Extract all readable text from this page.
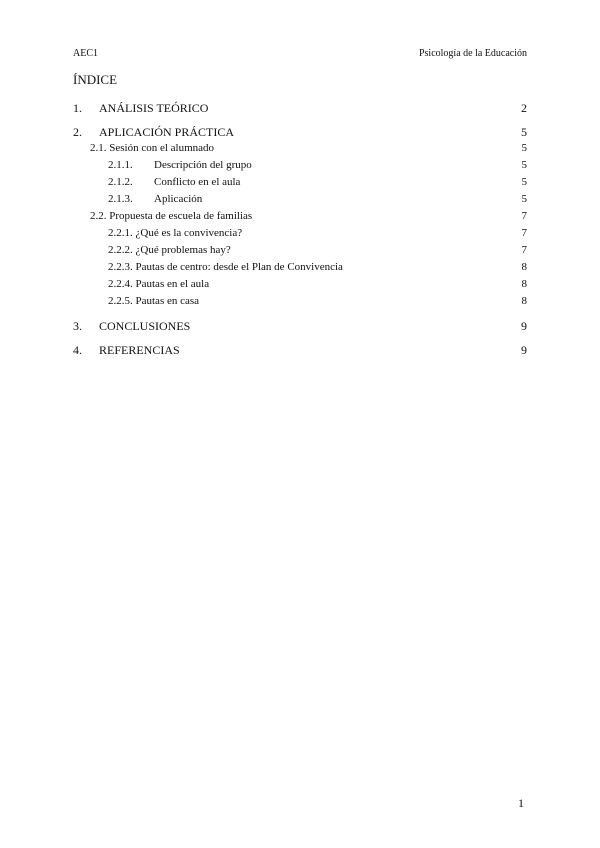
AEC1	Psicología de la Educación
ÍNDICE
1. ANÁLISIS TEÓRICO	2
2. APLICACIÓN PRÁCTICA	5
2.1. Sesión con el alumnado	5
2.1.1. Descripción del grupo	5
2.1.2. Conflicto en el aula	5
2.1.3. Aplicación	5
2.2. Propuesta de escuela de familias	7
2.2.1. ¿Qué es la convivencia?	7
2.2.2. ¿Qué problemas hay?	7
2.2.3. Pautas de centro: desde el Plan de Convivencia	8
2.2.4. Pautas en el aula	8
2.2.5. Pautas en casa	8
3. CONCLUSIONES	9
4. REFERENCIAS	9
1
